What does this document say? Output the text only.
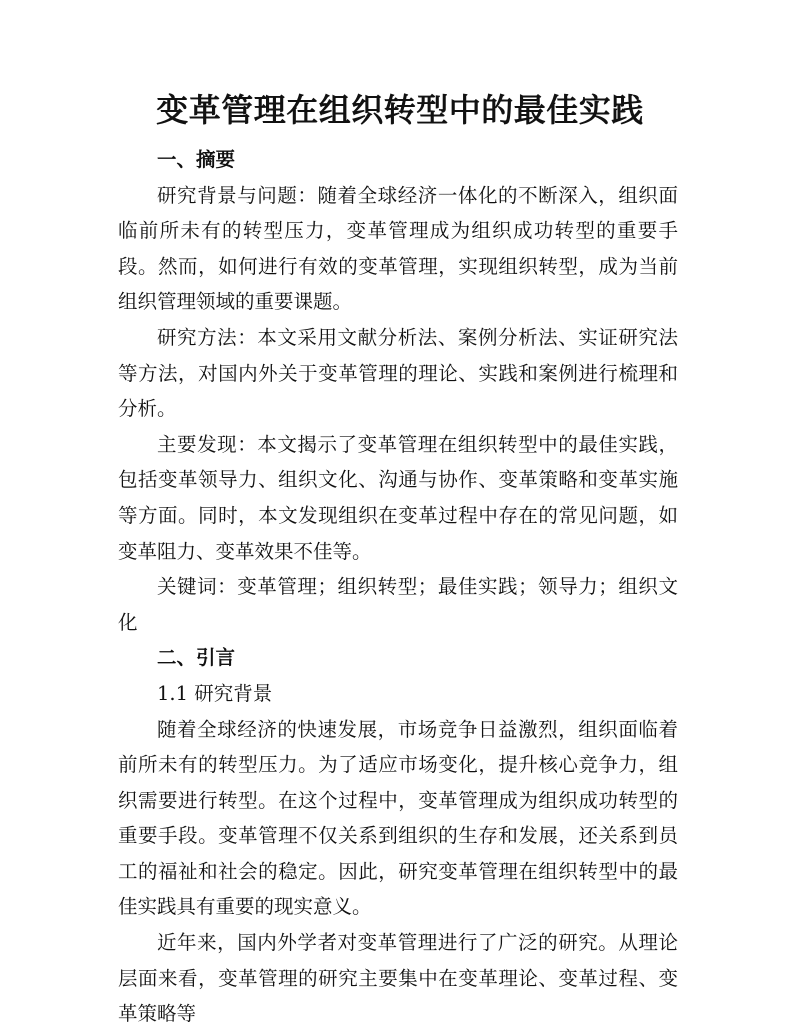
变革管理在组织转型中的最佳实践

一、摘要

研究背景与问题：随着全球经济一体化的不断深入，组织面临前所未有的转型压力，变革管理成为组织成功转型的重要手段。然而，如何进行有效的变革管理，实现组织转型，成为当前组织管理领域的重要课题。

研究方法：本文采用文献分析法、案例分析法、实证研究法等方法，对国内外关于变革管理的理论、实践和案例进行梳理和分析。

主要发现：本文揭示了变革管理在组织转型中的最佳实践，包括变革领导力、组织文化、沟通与协作、变革策略和变革实施等方面。同时，本文发现组织在变革过程中存在的常见问题，如变革阻力、变革效果不佳等。

关键词：变革管理；组织转型；最佳实践；领导力；组织文化

二、引言

1.1 研究背景

随着全球经济的快速发展，市场竞争日益激烈，组织面临着前所未有的转型压力。为了适应市场变化，提升核心竞争力，组织需要进行转型。在这个过程中，变革管理成为组织成功转型的重要手段。变革管理不仅关系到组织的生存和发展，还关系到员工的福祉和社会的稳定。因此，研究变革管理在组织转型中的最佳实践具有重要的现实意义。

近年来，国内外学者对变革管理进行了广泛的研究。从理论层面来看，变革管理的研究主要集中在变革理论、变革过程、变革策略等
